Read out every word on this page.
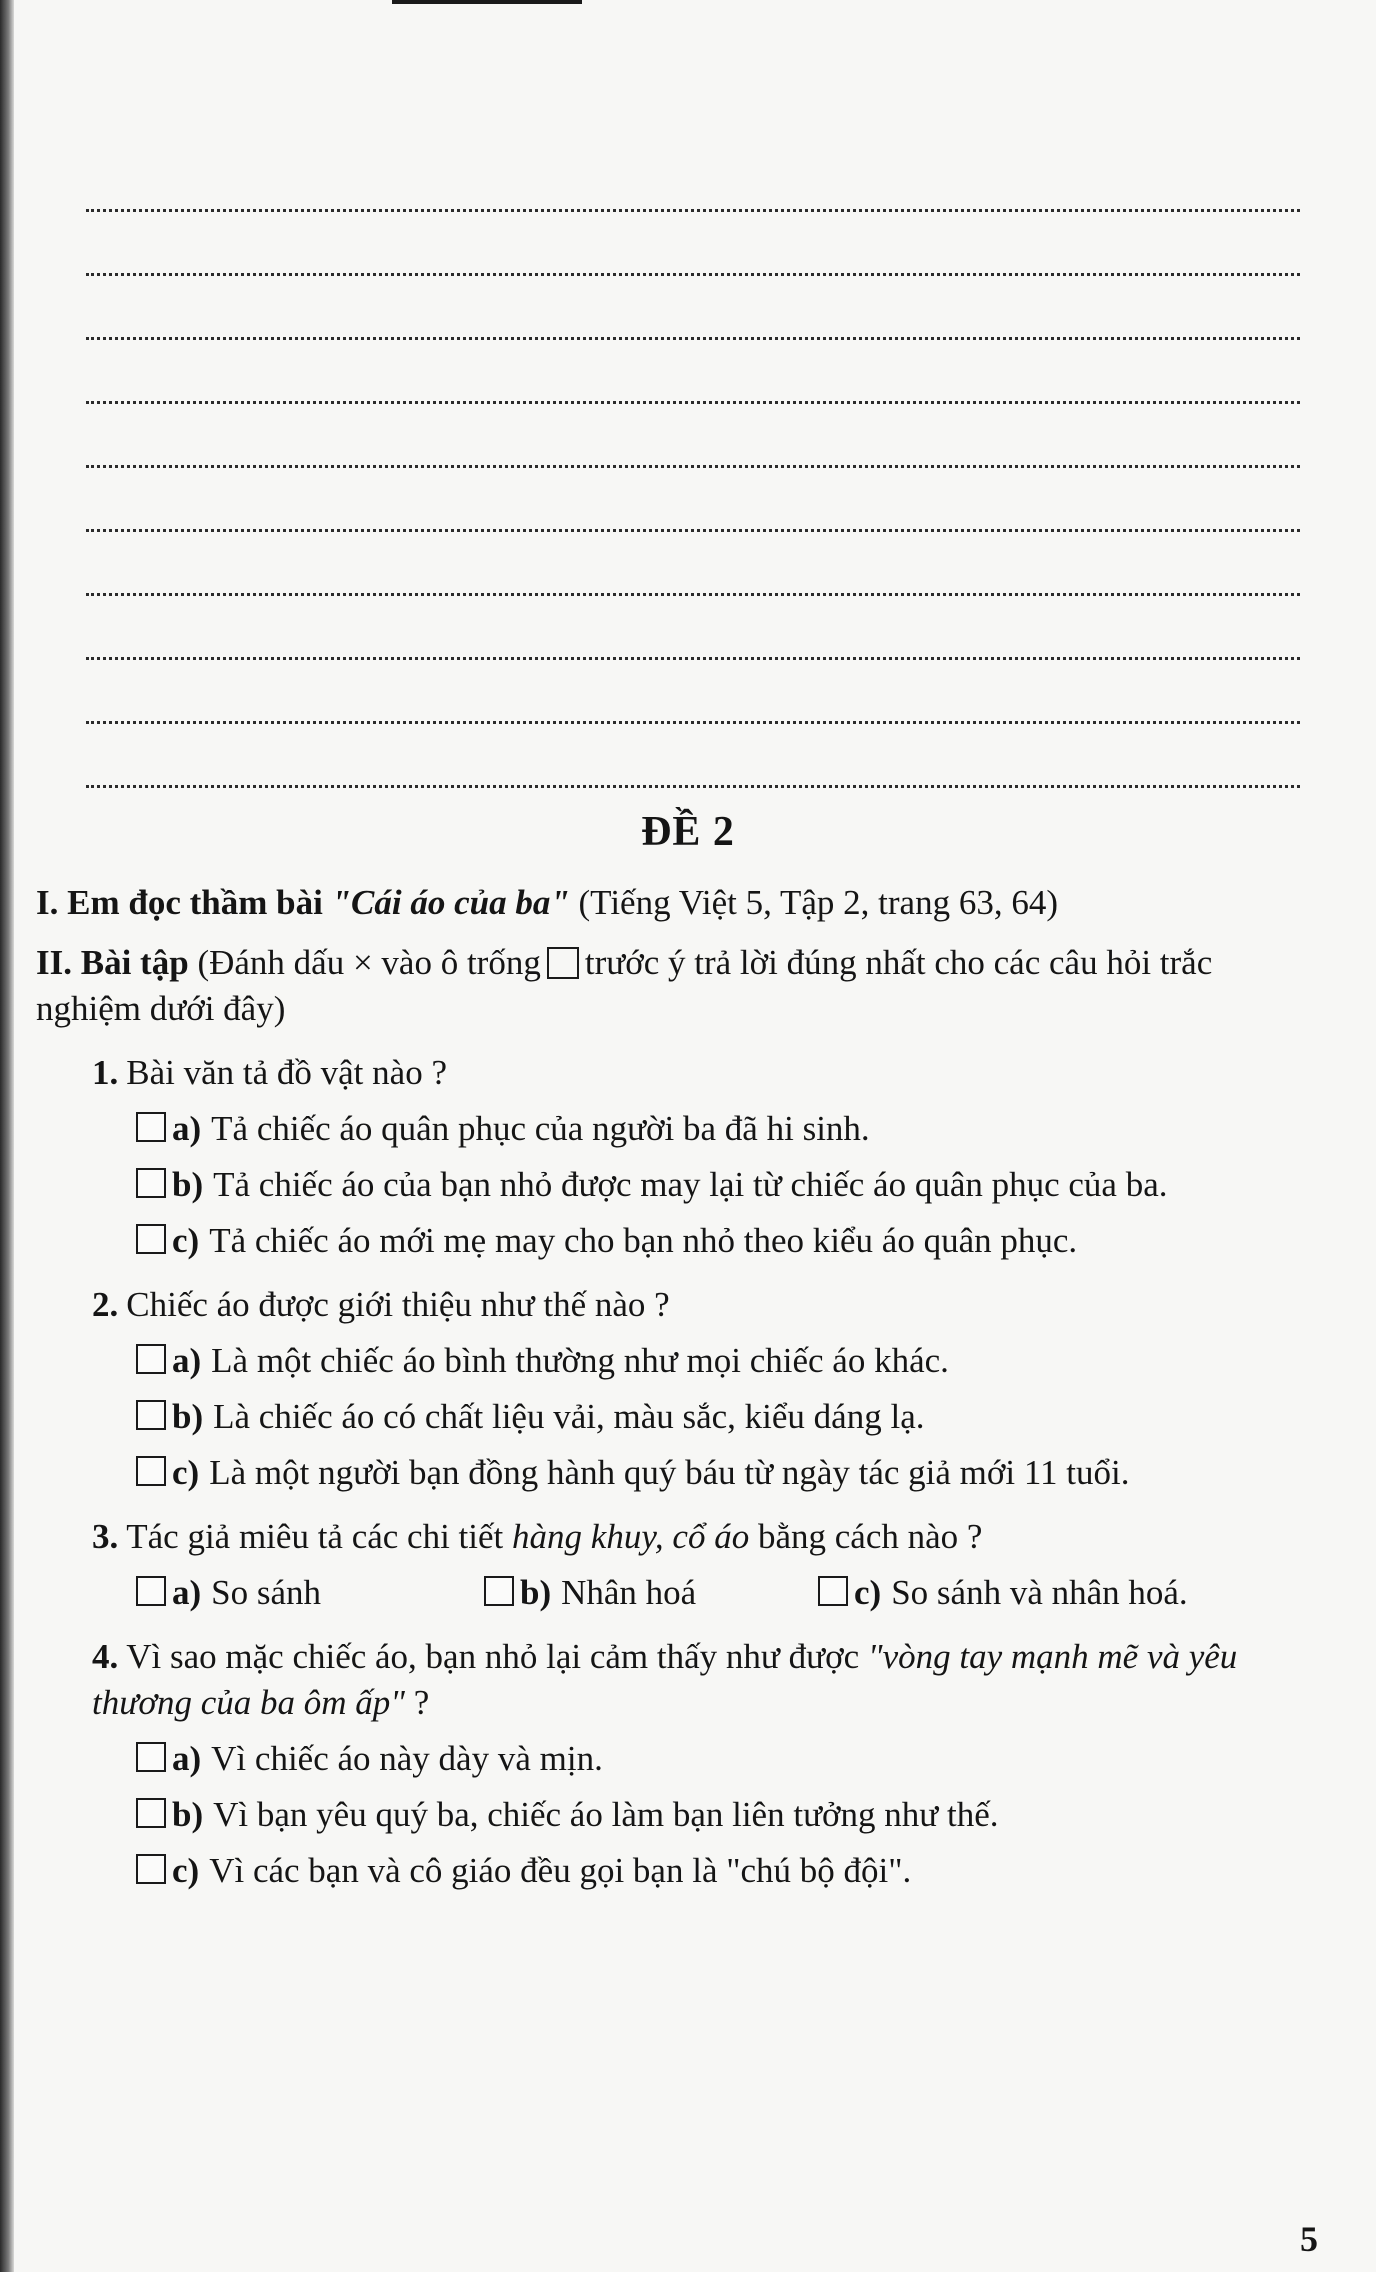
ĐỀ 2
I. Em đọc thầm bài "Cái áo của ba" (Tiếng Việt 5, Tập 2, trang 63, 64)
II. Bài tập (Đánh dấu × vào ô trống trước ý trả lời đúng nhất cho các câu hỏi trắc nghiệm dưới đây)
1. Bài văn tả đồ vật nào ?
a) Tả chiếc áo quân phục của người ba đã hi sinh.
b) Tả chiếc áo của bạn nhỏ được may lại từ chiếc áo quân phục của ba.
c) Tả chiếc áo mới mẹ may cho bạn nhỏ theo kiểu áo quân phục.
2. Chiếc áo được giới thiệu như thế nào ?
a) Là một chiếc áo bình thường như mọi chiếc áo khác.
b) Là chiếc áo có chất liệu vải, màu sắc, kiểu dáng lạ.
c) Là một người bạn đồng hành quý báu từ ngày tác giả mới 11 tuổi.
3. Tác giả miêu tả các chi tiết hàng khuy, cổ áo bằng cách nào ?
a) So sánh	b) Nhân hoá	c) So sánh và nhân hoá.
4. Vì sao mặc chiếc áo, bạn nhỏ lại cảm thấy như được "vòng tay mạnh mẽ và yêu thương của ba ôm ấp" ?
a) Vì chiếc áo này dày và mịn.
b) Vì bạn yêu quý ba, chiếc áo làm bạn liên tưởng như thế.
c) Vì các bạn và cô giáo đều gọi bạn là "chú bộ đội".
5
